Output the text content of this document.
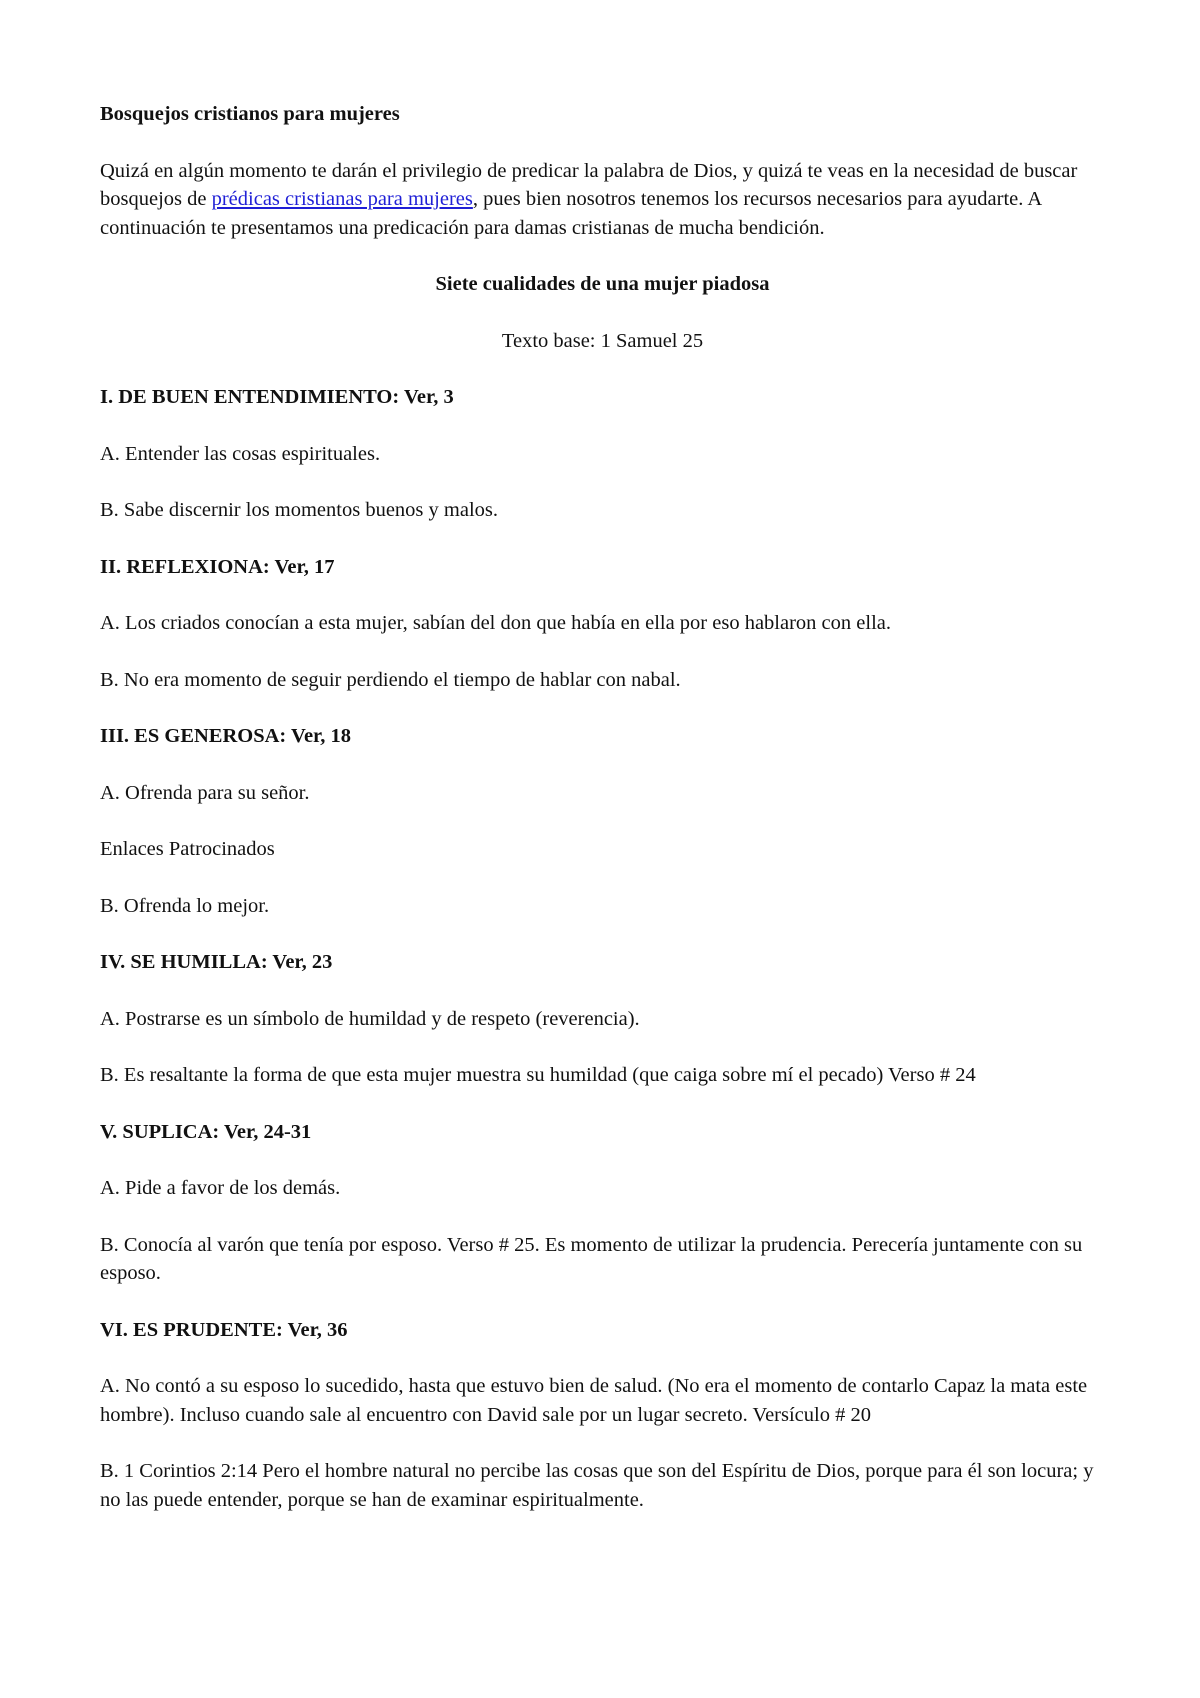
Bosquejos cristianos para mujeres

Quizá en algún momento te darán el privilegio de predicar la palabra de Dios, y quizá te veas en la necesidad de buscar bosquejos de prédicas cristianas para mujeres, pues bien nosotros tenemos los recursos necesarios para ayudarte. A continuación te presentamos una predicación para damas cristianas de mucha bendición.

Siete cualidades de una mujer piadosa

Texto base: 1 Samuel 25

I. DE BUEN ENTENDIMIENTO: Ver, 3

A. Entender las cosas espirituales.

B. Sabe discernir los momentos buenos y malos.

II. REFLEXIONA: Ver, 17

A. Los criados conocían a esta mujer, sabían del don que había en ella por eso hablaron con ella.

B. No era momento de seguir perdiendo el tiempo de hablar con nabal.

III. ES GENEROSA: Ver, 18

A. Ofrenda para su señor.

Enlaces Patrocinados

B. Ofrenda lo mejor.

IV. SE HUMILLA: Ver, 23

A. Postrarse es un símbolo de humildad y de respeto (reverencia).

B. Es resaltante la forma de que esta mujer muestra su humildad (que caiga sobre mí el pecado) Verso # 24

V. SUPLICA: Ver, 24-31

A. Pide a favor de los demás.

B. Conocía al varón que tenía por esposo. Verso # 25. Es momento de utilizar la prudencia. Perecería juntamente con su esposo.

VI. ES PRUDENTE: Ver, 36

A. No contó a su esposo lo sucedido, hasta que estuvo bien de salud. (No era el momento de contarlo Capaz la mata este hombre). Incluso cuando sale al encuentro con David sale por un lugar secreto. Versículo # 20

B. 1 Corintios 2:14 Pero el hombre natural no percibe las cosas que son del Espíritu de Dios, porque para él son locura; y no las puede entender, porque se han de examinar espiritualmente.
